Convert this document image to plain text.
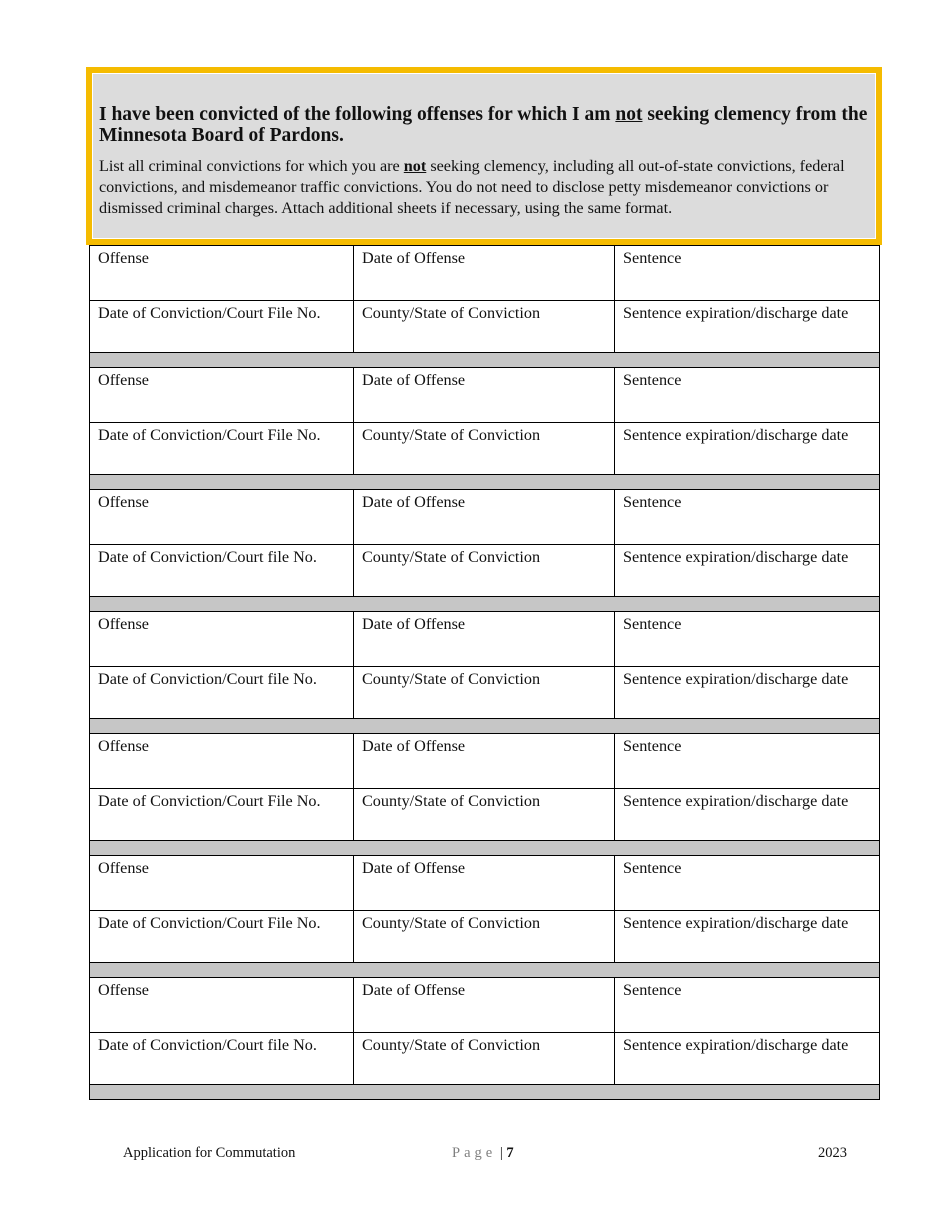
I have been convicted of the following offenses for which I am not seeking clemency from the Minnesota Board of Pardons.

List all criminal convictions for which you are not seeking clemency, including all out-of-state convictions, federal convictions, and misdemeanor traffic convictions. You do not need to disclose petty misdemeanor convictions or dismissed criminal charges. Attach additional sheets if necessary, using the same format.

Offense	Date of Offense	Sentence
Date of Conviction/Court File No.	County/State of Conviction	Sentence expiration/discharge date

Offense	Date of Offense	Sentence
Date of Conviction/Court File No.	County/State of Conviction	Sentence expiration/discharge date

Offense	Date of Offense	Sentence
Date of Conviction/Court file No.	County/State of Conviction	Sentence expiration/discharge date

Offense	Date of Offense	Sentence
Date of Conviction/Court file No.	County/State of Conviction	Sentence expiration/discharge date

Offense	Date of Offense	Sentence
Date of Conviction/Court File No.	County/State of Conviction	Sentence expiration/discharge date

Offense	Date of Offense	Sentence
Date of Conviction/Court File No.	County/State of Conviction	Sentence expiration/discharge date

Offense	Date of Offense	Sentence
Date of Conviction/Court file No.	County/State of Conviction	Sentence expiration/discharge date

Application for Commutation	Page | 7	2023
